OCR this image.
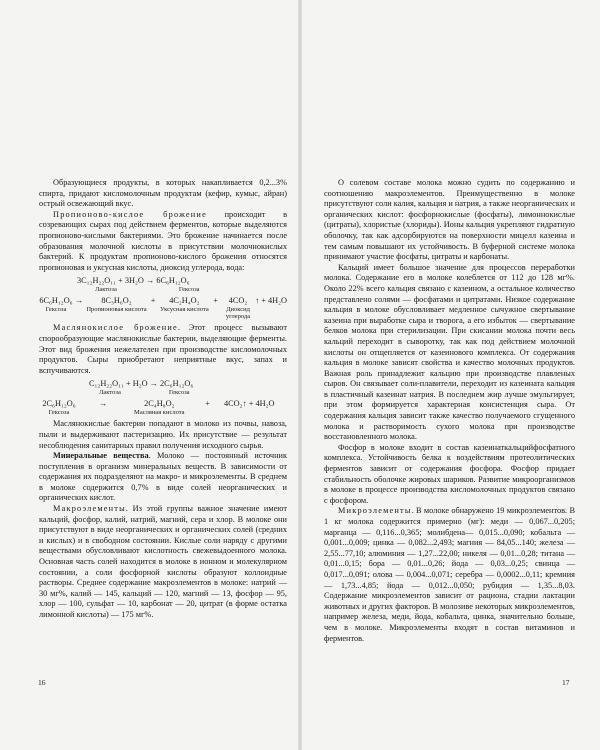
Образующиеся продукты, в которых накапливается 0,2...3% спирта, придают кисломолочным продуктам (кефир, кумыс, айран) острый освежающий вкус.

Пропионово-кислое брожение происходит в созревающих сырах под действием ферментов, которые выделяются пропионово-кислыми бактериями. Это брожение начинается после образования молочной кислоты в присутствии молочнокислых бактерий. К продуктам пропионово-кислого брожения относятся пропионовая и уксусная кислоты, диоксид углерода, вода:

3C₁₂H₂₂O₁₁ + 3H₂O → 6C₆H₁₂O₆
Лактоза	Гексоза
6C₆H₁₂O₆
Гексоза
→ 8C₃H₆O₂
Пропионовая кислота
+ 4C₂H₄O₂
Уксусная кислота
+ 4CO₂
Диоксид углерода
↑ + 4H₂O

Маслянокислое брожение. Этот процесс вызывают спорообразующие маслянокислые бактерии, выделяющие ферменты. Этот вид брожения нежелателен при производстве кисломолочных продуктов. Сыры приобретают неприятные вкус, запах и вспучиваются.

C₁₂H₂₂O₁₁ + H₂O → 2C₆H₁₂O₆
Лактоза	Гексоза
2C₆H₁₂O₆
Гексоза
→	2C₄H₈O₂
Масляная кислота
+ 4CO₂↑ + 4H₂O

Маслянокислые бактерии попадают в молоко из почвы, навоза, пыли и выдерживают пастеризацию. Их присутствие — результат несоблюдения санитарных правил получения исходного сырья.

Минеральные вещества. Молоко — постоянный источник поступления в организм минеральных веществ. В зависимости от содержания их подразделяют на макро- и микроэлементы. В среднем в молоке содержится 0,7% в виде солей неорганических и органических кислот.

Макроэлементы. Из этой группы важное значение имеют кальций, фосфор, калий, натрий, магний, сера и хлор. В молоке они присутствуют в виде неорганических и органических солей (средних и кислых) и в свободном состоянии. Кислые соли наряду с другими веществами обусловливают кислотность свежевыдоенного молока. Основная часть солей находится в молоке в ионном и молекулярном состоянии, а соли фосфорной кислоты образуют коллоидные растворы. Среднее содержание макроэлементов в молоке: натрий — 30 мг%, калий — 145, кальций — 120, магний — 13, фосфор — 95, хлор — 100, сульфат — 10, карбонат — 20, цитрат (в форме остатка лимонной кислоты) — 175 мг%.

16

О солевом составе молока можно судить по содержанию и соотношению макроэлементов. Преимущественно в молоке присутствуют соли калия, кальция и натрия, а также неорганических и органических кислот: фосфорнокислые (фосфаты), лимоннокислые (цитраты), хлористые (хлориды). Ионы кальция укрепляют гидратную оболочку, так как адсорбируются на поверхности мицелл казеина и тем самым повышают их устойчивость. В буферной системе молока принимают участие фосфаты, цитраты и карбонаты.

Кальций имеет большое значение для процессов переработки молока. Содержание его в молоке колеблется от 112 до 128 мг%. Около 22% всего кальция связано с казеином, а остальное количество представлено солями — фосфатами и цитратами. Низкое содержание кальция в молоке обусловливает медленное сычужное свертывание казеина при выработке сыра и творога, а его избыток — свертывание белков молока при стерилизации. При скисании молока почти весь кальций переходит в сыворотку, так как под действием молочной кислоты он отщепляется от казеинового комплекса. От содержания кальция в молоке зависят свойства и качество молочных продуктов. Важная роль принадлежит кальцию при производстве плавленых сыров. Он связывает соли-плавители, переходит из казеината кальция в пластичный казеинат натрия. В последнем жир лучше эмульгирует, при этом формируется характерная консистенция сыра. От содержания кальция зависит также качество получаемого сгущенного молока и растворимость сухого молока при производстве восстановленного молока.

Фосфор в молоке входит в состав казеинаткальцийфосфатного комплекса. Устойчивость белка к воздействиям протеолитических ферментов зависит от содержания фосфора. Фосфор придает стабильность оболочке жировых шариков. Развитие микроорганизмов в молоке в процессе производства кисломолочных продуктов связано с фосфором.

Микроэлементы. В молоке обнаружено 19 микроэлементов. В 1 кг молока содержится примерно (мг): меди — 0,067...0,205; марганца — 0,116...0,365; молибдена— 0,015...0,090; кобальта — 0,001...0,009; цинка — 0,082...2,493; магния — 84,05...140; железа — 2,55...77,10; алюминия — 1,27...22,00; никеля — 0,01...0,28; титана — 0,01...0,15; бора — 0,01...0,26; йода — 0,03...0,25; свинца — 0,017...0,091; олова — 0,004...0,071; серебра — 0,0002...0,11; кремния — 1,73...4,85; йода — 0,012...0,050; рубидия — 1,35...8,03. Содержание микроэлементов зависит от рациона, стадии лактации животных и других факторов. В молозиве некоторых микроэлементов, например железа, меди, йода, кобальта, цинка, значительно больше, чем в молоке. Микроэлементы входят в состав витаминов и ферментов.

17
